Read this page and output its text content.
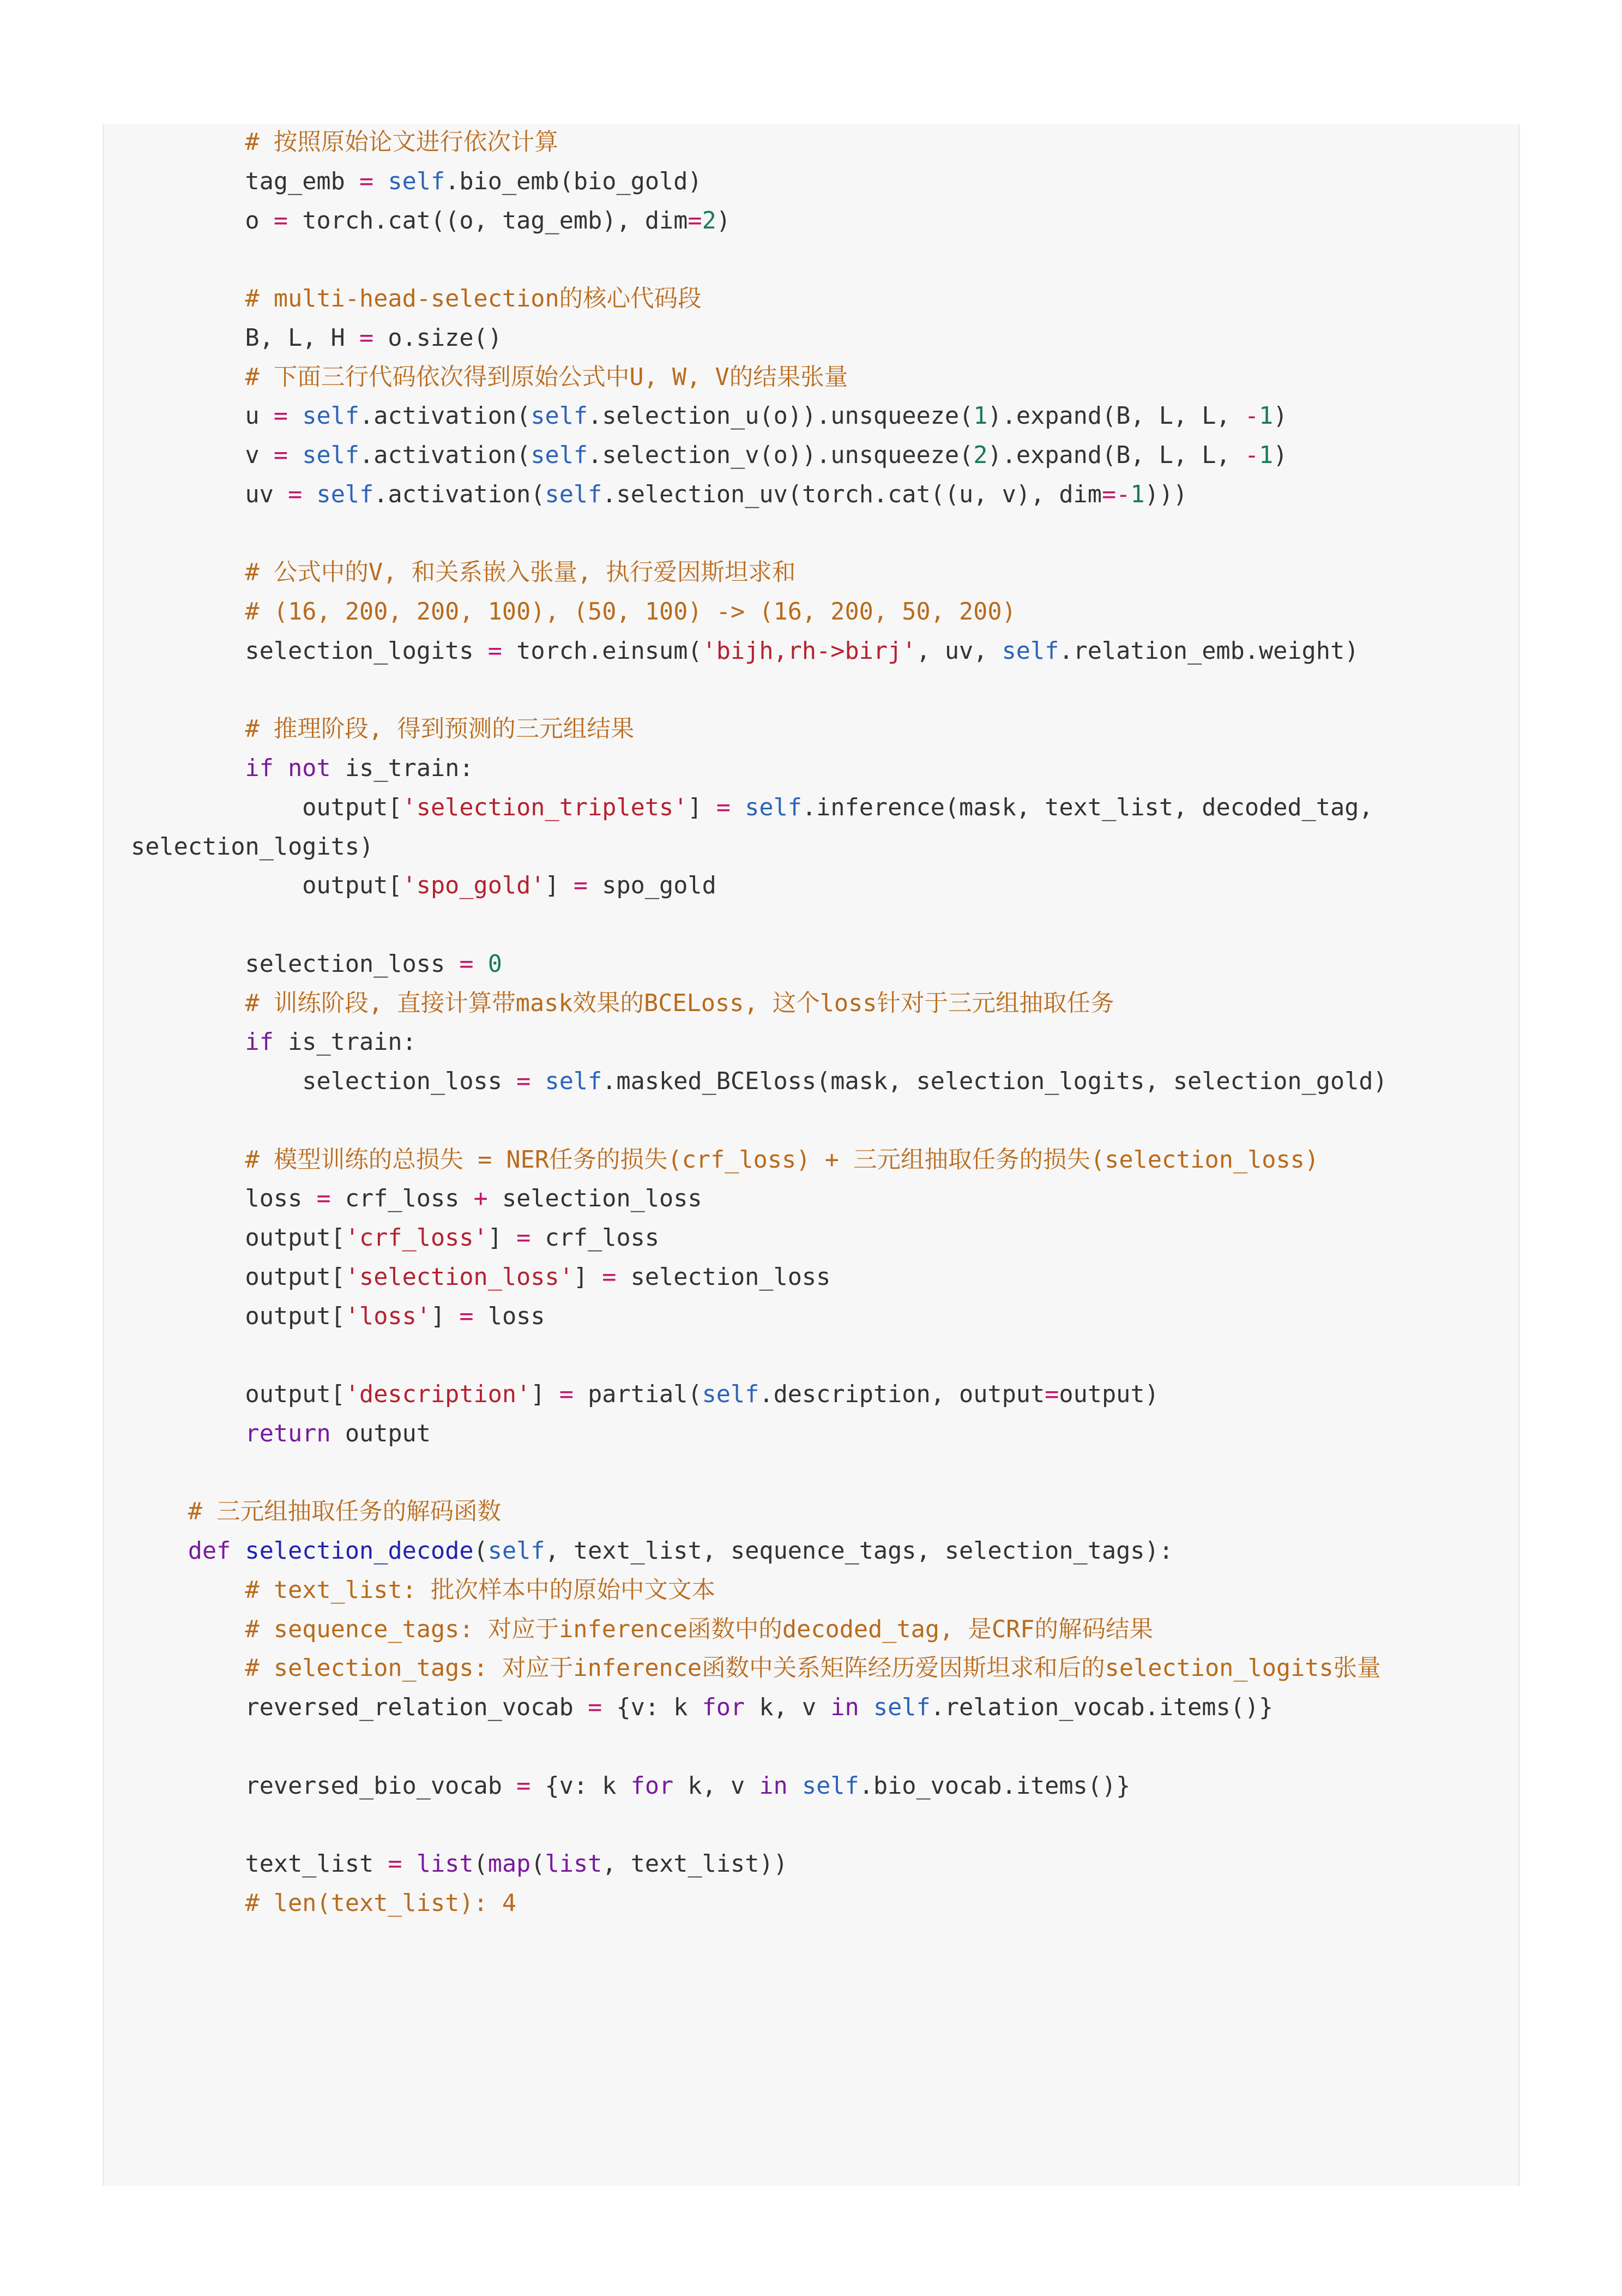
# 按照原始论文进行依次计算
tag_emb = self.bio_emb(bio_gold)
o = torch.cat((o, tag_emb), dim=2)
# multi-head-selection的核心代码段
B, L, H = o.size()
# 下面三行代码依次得到原始公式中U, W, V的结果张量
u = self.activation(self.selection_u(o)).unsqueeze(1).expand(B, L, L, -1)
v = self.activation(self.selection_v(o)).unsqueeze(2).expand(B, L, L, -1)
uv = self.activation(self.selection_uv(torch.cat((u, v), dim=-1)))
# 公式中的V, 和关系嵌入张量, 执行爱因斯坦求和
# (16, 200, 200, 100), (50, 100) -> (16, 200, 50, 200)
selection_logits = torch.einsum('bijh,rh->birj', uv, self.relation_emb.weight)
# 推理阶段, 得到预测的三元组结果
if not is_train:
output['selection_triplets'] = self.inference(mask, text_list, decoded_tag,
selection_logits)
output['spo_gold'] = spo_gold
selection_loss = 0
# 训练阶段, 直接计算带mask效果的BCELoss, 这个loss针对于三元组抽取任务
if is_train:
selection_loss = self.masked_BCEloss(mask, selection_logits, selection_gold)
# 模型训练的总损失 = NER任务的损失(crf_loss) + 三元组抽取任务的损失(selection_loss)
loss = crf_loss + selection_loss
output['crf_loss'] = crf_loss
output['selection_loss'] = selection_loss
output['loss'] = loss
output['description'] = partial(self.description, output=output)
return output
# 三元组抽取任务的解码函数
def selection_decode(self, text_list, sequence_tags, selection_tags):
# text_list: 批次样本中的原始中文文本
# sequence_tags: 对应于inference函数中的decoded_tag, 是CRF的解码结果
# selection_tags: 对应于inference函数中关系矩阵经历爱因斯坦求和后的selection_logits张量
reversed_relation_vocab = {v: k for k, v in self.relation_vocab.items()}
reversed_bio_vocab = {v: k for k, v in self.bio_vocab.items()}
text_list = list(map(list, text_list))
# len(text_list): 4
